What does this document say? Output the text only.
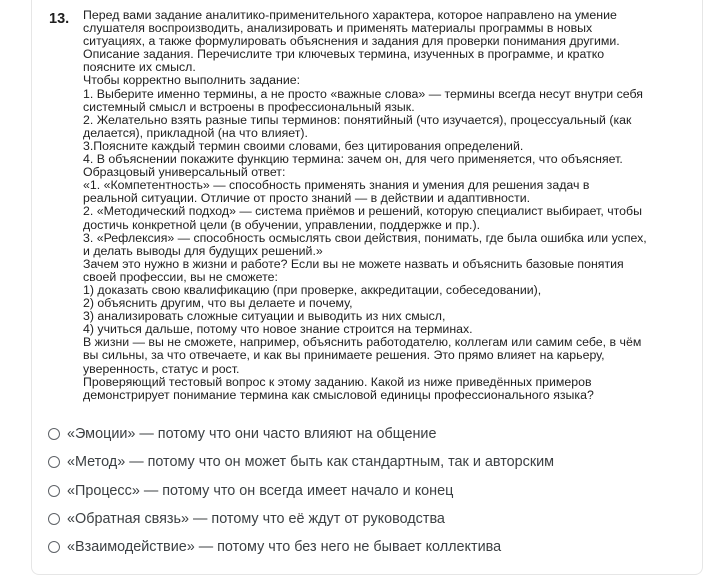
13. Перед вами задание аналитико-применительного характера, которое направлено на умение
слушателя воспроизводить, анализировать и применять материалы программы в новых
ситуациях, а также формулировать объяснения и задания для проверки понимания другими.
Описание задания. Перечислите три ключевых термина, изученных в программе, и кратко
поясните их смысл.
Чтобы корректно выполнить задание:
1. Выберите именно термины, а не просто «важные слова» — термины всегда несут внутри себя
системный смысл и встроены в профессиональный язык.
2. Желательно взять разные типы терминов: понятийный (что изучается), процессуальный (как
делается), прикладной (на что влияет).
3.Поясните каждый термин своими словами, без цитирования определений.
4. В объяснении покажите функцию термина: зачем он, для чего применяется, что объясняет.
Образцовый универсальный ответ:
«1. «Компетентность» — способность применять знания и умения для решения задач в
реальной ситуации. Отличие от просто знаний — в действии и адаптивности.
2. «Методический подход» — система приёмов и решений, которую специалист выбирает, чтобы
достичь конкретной цели (в обучении, управлении, поддержке и пр.).
3. «Рефлексия» — способность осмыслять свои действия, понимать, где была ошибка или успех,
и делать выводы для будущих решений.»
Зачем это нужно в жизни и работе? Если вы не можете назвать и объяснить базовые понятия
своей профессии, вы не сможете:
1) доказать свою квалификацию (при проверке, аккредитации, собеседовании),
2) объяснить другим, что вы делаете и почему,
3) анализировать сложные ситуации и выводить из них смысл,
4) учиться дальше, потому что новое знание строится на терминах.
В жизни — вы не сможете, например, объяснить работодателю, коллегам или самим себе, в чём
вы сильны, за что отвечаете, и как вы принимаете решения. Это прямо влияет на карьеру,
уверенность, статус и рост.
Проверяющий тестовый вопрос к этому заданию. Какой из ниже приведённых примеров
демонстрирует понимание термина как смысловой единицы профессионального языка?
«Эмоции» — потому что они часто влияют на общение
«Метод» — потому что он может быть как стандартным, так и авторским
«Процесс» — потому что он всегда имеет начало и конец
«Обратная связь» — потому что её ждут от руководства
«Взаимодействие» — потому что без него не бывает коллектива
